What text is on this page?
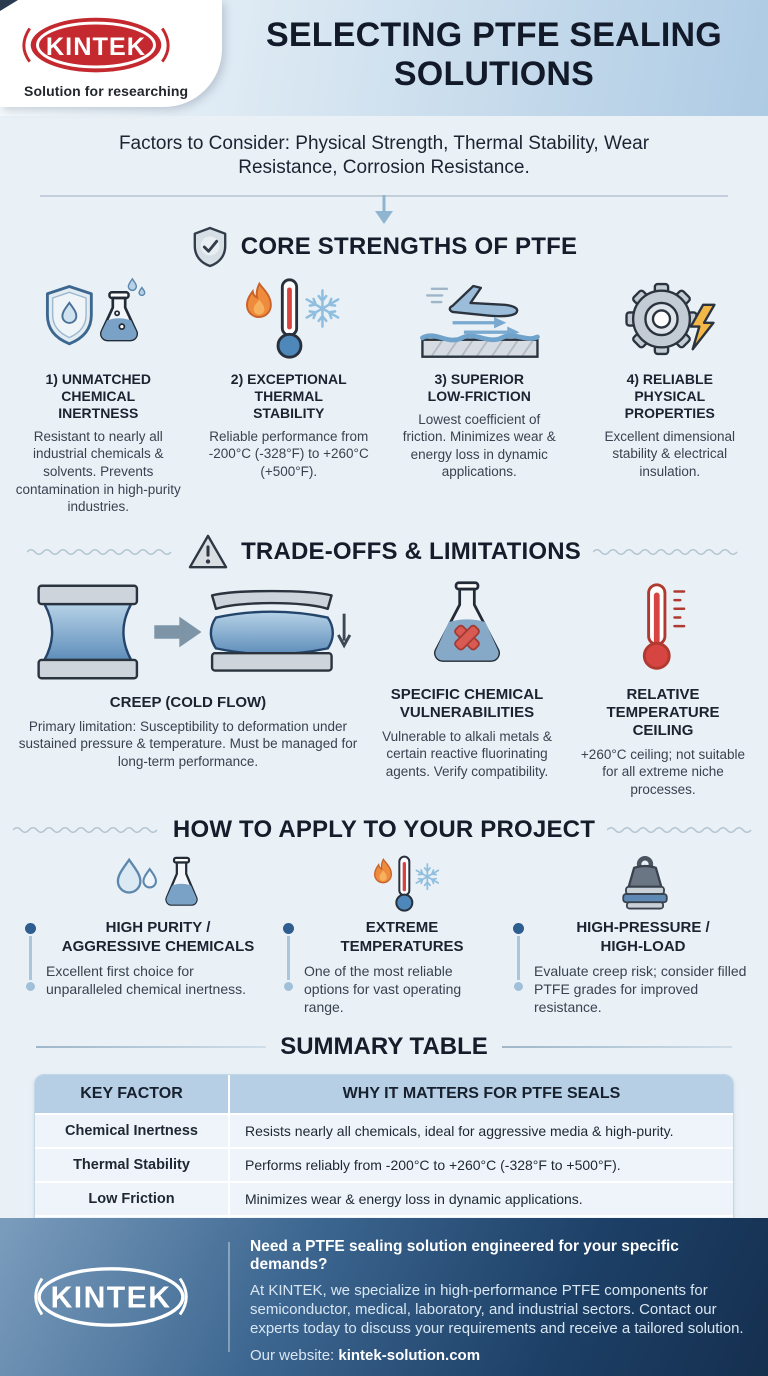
SELECTING PTFE SEALING SOLUTIONS
KINTEK
Solution for researching
Factors to Consider: Physical Strength, Thermal Stability, Wear Resistance, Corrosion Resistance.
CORE STRENGTHS OF PTFE
1) UNMATCHED CHEMICAL INERTNESS
Resistant to nearly all industrial chemicals & solvents. Prevents contamination in high-purity industries.
2) EXCEPTIONAL THERMAL STABILITY
Reliable performance from -200°C (-328°F) to +260°C (+500°F).
3) SUPERIOR LOW-FRICTION
Lowest coefficient of friction. Minimizes wear & energy loss in dynamic applications.
4) RELIABLE PHYSICAL PROPERTIES
Excellent dimensional stability & electrical insulation.
TRADE-OFFS & LIMITATIONS
CREEP (COLD FLOW)
Primary limitation: Susceptibility to deformation under sustained pressure & temperature. Must be managed for long-term performance.
SPECIFIC CHEMICAL VULNERABILITIES
Vulnerable to alkali metals & certain reactive fluorinating agents. Verify compatibility.
RELATIVE TEMPERATURE CEILING
+260°C ceiling; not suitable for all extreme niche processes.
HOW TO APPLY TO YOUR PROJECT
HIGH PURITY / AGGRESSIVE CHEMICALS
Excellent first choice for unparalleled chemical inertness.
EXTREME TEMPERATURES
One of the most reliable options for vast operating range.
HIGH-PRESSURE / HIGH-LOAD
Evaluate creep risk; consider filled PTFE grades for improved resistance.
SUMMARY TABLE
KEY FACTOR	WHY IT MATTERS FOR PTFE SEALS
Chemical Inertness	Resists nearly all chemicals, ideal for aggressive media & high-purity.
Thermal Stability	Performs reliably from -200°C to +260°C (-328°F to +500°F).
Low Friction	Minimizes wear & energy loss in dynamic applications.
KINTEK
Need a PTFE sealing solution engineered for your specific demands?
At KINTEK, we specialize in high-performance PTFE components for semiconductor, medical, laboratory, and industrial sectors. Contact our experts today to discuss your requirements and receive a tailored solution.
Our website: kintek-solution.com
